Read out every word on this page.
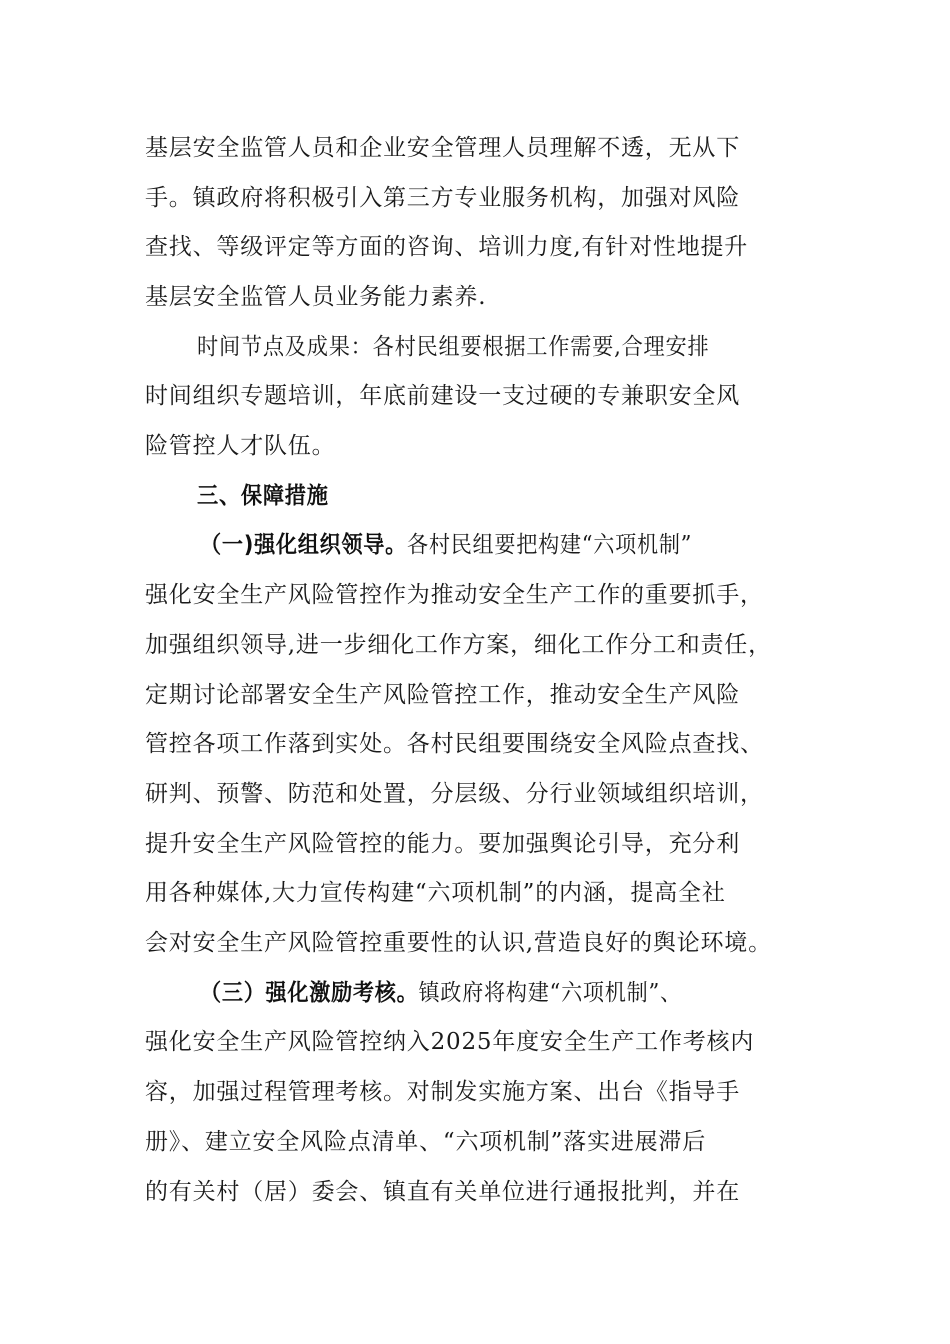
基层安全监管人员和企业安全管理人员理解不透，无从下
手。镇政府将积极引入第三方专业服务机构，加强对风险
查找、等级评定等方面的咨询、培训力度,有针对性地提升
基层安全监管人员业务能力素养.
时间节点及成果：各村民组要根据工作需要,合理安排
时间组织专题培训，年底前建设一支过硬的专兼职安全风
险管控人才队伍。
三、保障措施
（一)强化组织领导。各村民组要把构建“六项机制”
强化安全生产风险管控作为推动安全生产工作的重要抓手，
加强组织领导,进一步细化工作方案，细化工作分工和责任，
定期讨论部署安全生产风险管控工作，推动安全生产风险
管控各项工作落到实处。各村民组要围绕安全风险点查找、
研判、预警、防范和处置，分层级、分行业领域组织培训，
提升安全生产风险管控的能力。要加强舆论引导，充分利
用各种媒体,大力宣传构建“六项机制”的内涵，提高全社
会对安全生产风险管控重要性的认识,营造良好的舆论环境。
（三）强化激励考核。镇政府将构建“六项机制”、
强化安全生产风险管控纳入2025年度安全生产工作考核内
容，加强过程管理考核。对制发实施方案、出台《指导手
册》、建立安全风险点清单、“六项机制”落实进展滞后
的有关村（居）委会、镇直有关单位进行通报批判，并在
